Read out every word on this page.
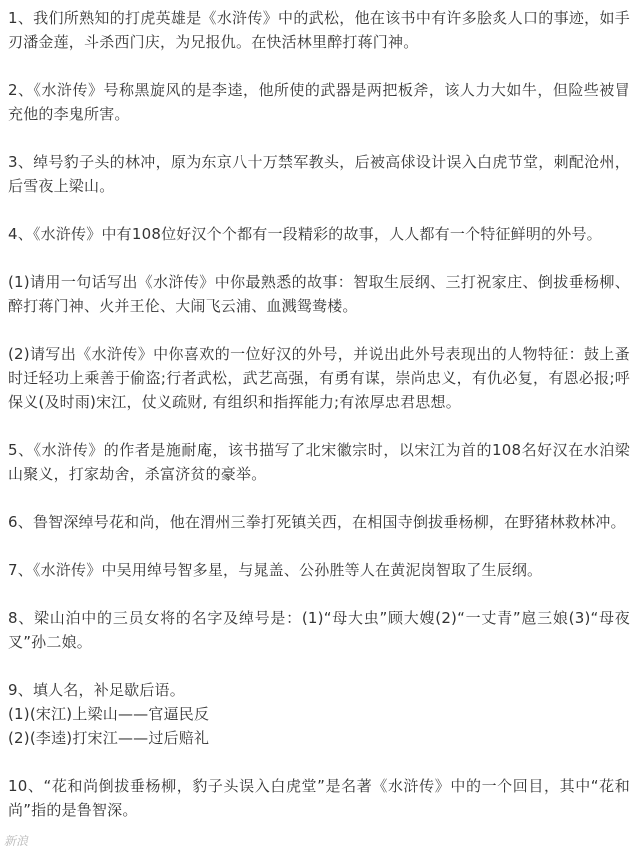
1、我们所熟知的打虎英雄是《水浒传》中的武松，他在该书中有许多脍炙人口的事迹，如手刃潘金莲，斗杀西门庆，为兄报仇。在快活林里醉打蒋门神。

2、《水浒传》号称黑旋风的是李逵，他所使的武器是两把板斧，该人力大如牛，但险些被冒充他的李鬼所害。

3、绰号豹子头的林冲，原为东京八十万禁军教头，后被高俅设计误入白虎节堂，刺配沧州，后雪夜上梁山。

4、《水浒传》中有108位好汉个个都有一段精彩的故事，人人都有一个特征鲜明的外号。

(1)请用一句话写出《水浒传》中你最熟悉的故事：智取生辰纲、三打祝家庄、倒拔垂杨柳、醉打蒋门神、火并王伦、大闹飞云浦、血溅鸳鸯楼。

(2)请写出《水浒传》中你喜欢的一位好汉的外号，并说出此外号表现出的人物特征：鼓上蚤时迁轻功上乘善于偷盗;行者武松，武艺高强，有勇有谋，崇尚忠义，有仇必复，有恩必报;呼保义(及时雨)宋江，仗义疏财, 有组织和指挥能力;有浓厚忠君思想。

5、《水浒传》的作者是施耐庵，该书描写了北宋徽宗时，以宋江为首的108名好汉在水泊梁山聚义，打家劫舍，杀富济贫的豪举。

6、鲁智深绰号花和尚，他在渭州三拳打死镇关西，在相国寺倒拔垂杨柳，在野猪林救林冲。

7、《水浒传》中吴用绰号智多星，与晁盖、公孙胜等人在黄泥岗智取了生辰纲。

8、梁山泊中的三员女将的名字及绰号是：(1)“母大虫”顾大嫂(2)“一丈青”扈三娘(3)“母夜叉”孙二娘。

9、填人名，补足歇后语。
(1)(宋江)上梁山——官逼民反
(2)(李逵)打宋江——过后赔礼

10、“花和尚倒拔垂杨柳，豹子头误入白虎堂”是名著《水浒传》中的一个回目，其中“花和尚”指的是鲁智深。

新浪
